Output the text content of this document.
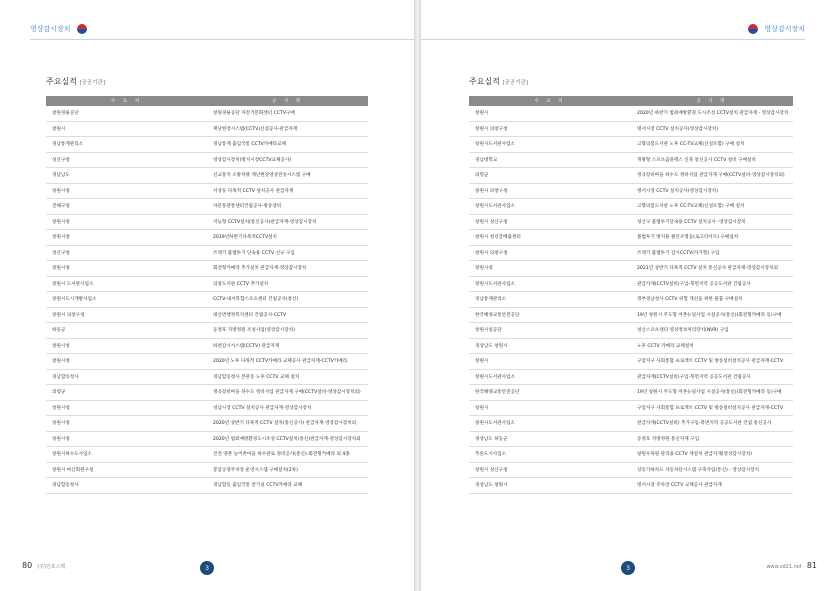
영상감시장치
주요실적 [공공기관]
수 요 처	공 사 명
창원경륜공단	창원경륜공단 자전거문화센터 CCTV구매
창원시	재난현장시스템(CCTV)신설공사-관급자재
경남통계관리소	경남통계 출입국통 CCTV카메라교체
성산구청	영상감시장치(방지시장CCTV교체공사)
경남남도	신교통지 소방차량 재난현장영상전송시스템 구매
창원시청	서상동 다목적 CCTV 설치공사 관급자재
진해구청	자문통관통센터건립공사-방송장비
창원시청	지능형 CCTV설치(통신공사)관급자재-영상감시장치
창원시청	2019년하반기다목적CCTV설치
성산구청	쓰레기 불법투기 단속용 CCTV 신규 구입
창원시청	회전형카메라 추가설치 관급자재-영상감시장치
창원시 도서관사업소	의창도서관 CCTV 추가설치
창원시도시개발사업소	CCTV-내서복합스포츠센터 건립공사(통신)
창원시 의창구청	대산면행정복지센터 건립공사-CCTV
하동군	동정호 지방정원 조성사업(영상감시장치)
창원시청	하천감시시스템(CCTV) 관급자재
창원시청	2020년 노후 다목적 CCTV카메라 교체공사 관급자재-CCTV카메라
경남합동청사	경남합동청사 본관동 노후 CCTV 교체 설치
의령군	정곡장비마을 하수도 정비사업 관급자재 구매(CCTV설비-영상감시장치외)
창원시청	성남시장 CCTV 설치공사 관급자재-영상감시장치
창원시청	2020년 상반기 다목적 CCTV 설치(통신공사) 관급자재-영상감시장치외
창원시청	2020년 범죄예방환경도시조성 CCTV설치(통신)관급자재-영상감시장치외
창원시하수도사업소	진전 양촌 농어촌마을 하수관로 정비공사(통신)-회전형카메라 외 4종
창원시 마산회원구청	봉암공영주차장 운영시스템 구매설치(2차)
경남합동청사	경남합동 출입국통 전기실 CCTV카메라 교체
3
80 (주)인포스텍
영상감시장치
주요실적 [공공기관]
수 요 처	공 사 명
창원시	2020년 하반기 범죄예방환경 도시조성 CCTV설치 관급자재 - 영상감시장치
창원시 의창구청	명서시장 CCTV 설치공사(영상감시장치)
창원시도서관사업소	고향의봄도서관 노후 CC-TV교체(신설포함) 구매 설치
경남대학교	개방형 스포츠콤플렉스 신축 통신공사 CCTV 설비 구매설치
의령군	정곡장비마을 하수도 정비사업 관급자재 구매(CCTV설비-영상감시장치외)
창원시 의창구청	명서시장 CCTV 설치공사(영상감시장치)
창원시도서관사업소	고향의봄도서관 노후 CC-TV교체(신설포함) 구매 설치
창원시 성산구청	성산구 불법투기단속용 CCTV 설치공사 -영상감시장치
창원시 청년층배출센터	볼법투기 방지용 클린조명등(로고라이트) 구매설치
창원시 의창구청	쓰레기 불법투기 감시CCTV(자가형) 구입
창원시청	2021년 상반기 다목적 CCTV 설치 통신공사 관급자재-영상감시장치외
창원시도서관사업소	관급자재(CCTV설비)구입-북면지역 공공도서관 건립공사
경남통계관리소	정부경남청사 CCTV 위험 개선을 위한 물품 구매설치
한국해양교통안전공단	19년 창원시 주도형 어촌뉴딜사업 시설공사(통신)(회전형카메라 등)구매
창원시설공단	성산스포츠센터 영상정보처리장치(NVR) 구입
경상남도 창원시	노후 CCTV 카메라 교체설치
창원시	구암지구 사회통합 프로젝트 CCTV 및 방송설비설치공사 관급자재-CCTV
창원시도서관사업소	관급자재(CCTV설비)구입-북면지역 공공도서관 건립공사
한국해양교통안전공단	19년 창원시 주도형 어촌뉴딜사업 시설공사(통신)(회전형카메라 등)구매
창원시	구암지구 사회통합 프로젝트 CCTV 및 방송설비설치공사 관급자재-CCTV
창원시도서관사업소	관급자재(CCTV설비) 추가구입-북면지역 공공도서관 건립 통신공사
경상남도 하동군	동정호 지방정원 통신자재 구입
푸른도시사업소	창원수목원 관리용 CCTV 재설치 관급자재(영상감시장치)
창원시 성산구청	상등가하차도 자동차단시스템 구축사업(통신) - 영상감시장치
경상남도 창원시	명서시장 주차장 CCTV 교체공사 관급자재
3	www.sd21.net 81
